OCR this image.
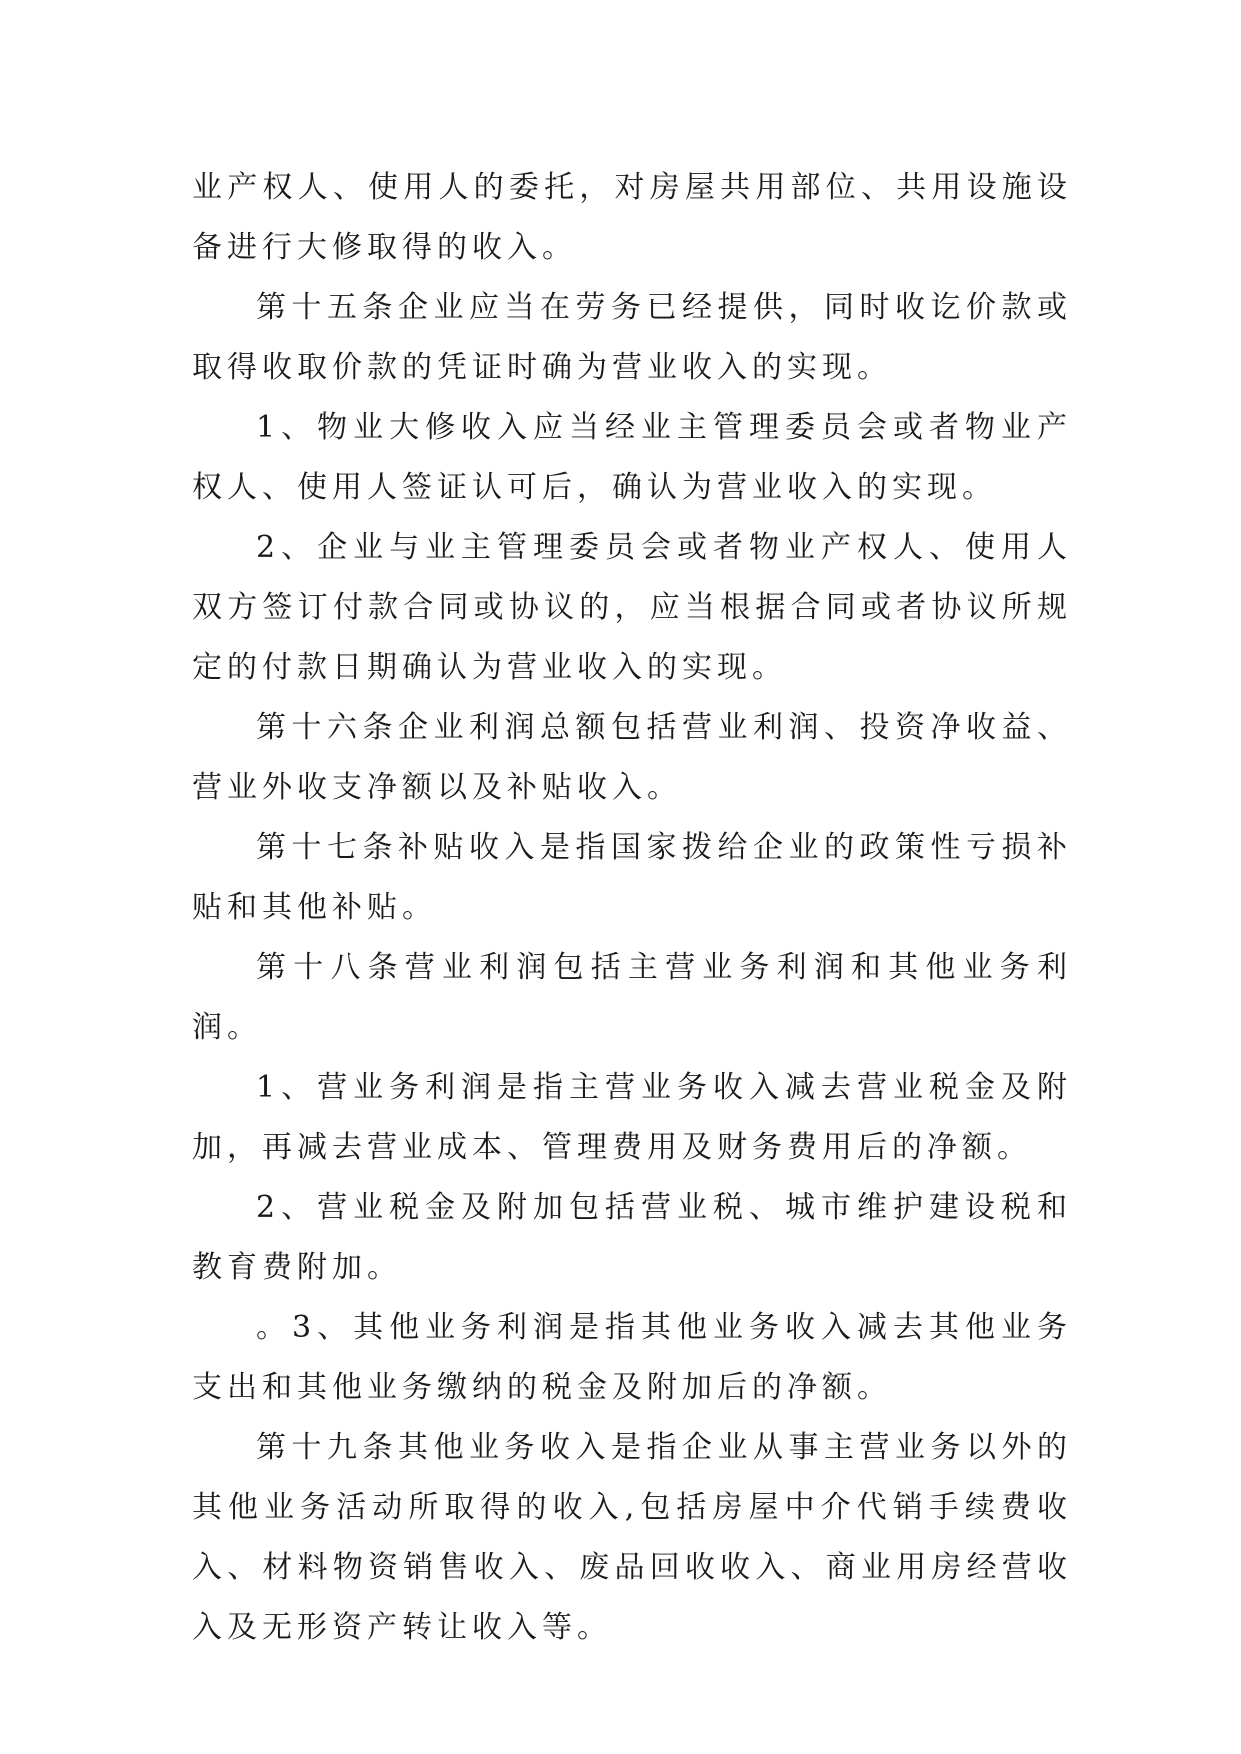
业产权人、使用人的委托，对房屋共用部位、共用设施设备进行大修取得的收入。

第十五条企业应当在劳务已经提供，同时收讫价款或取得收取价款的凭证时确为营业收入的实现。

1、物业大修收入应当经业主管理委员会或者物业产权人、使用人签证认可后，确认为营业收入的实现。

2、企业与业主管理委员会或者物业产权人、使用人双方签订付款合同或协议的，应当根据合同或者协议所规定的付款日期确认为营业收入的实现。

第十六条企业利润总额包括营业利润、投资净收益、营业外收支净额以及补贴收入。

第十七条补贴收入是指国家拨给企业的政策性亏损补贴和其他补贴。

第十八条营业利润包括主营业务利润和其他业务利润。

1、营业务利润是指主营业务收入减去营业税金及附加，再减去营业成本、管理费用及财务费用后的净额。

2、营业税金及附加包括营业税、城市维护建设税和教育费附加。

。3、其他业务利润是指其他业务收入减去其他业务支出和其他业务缴纳的税金及附加后的净额。

第十九条其他业务收入是指企业从事主营业务以外的其他业务活动所取得的收入,包括房屋中介代销手续费收入、材料物资销售收入、废品回收收入、商业用房经营收入及无形资产转让收入等。
